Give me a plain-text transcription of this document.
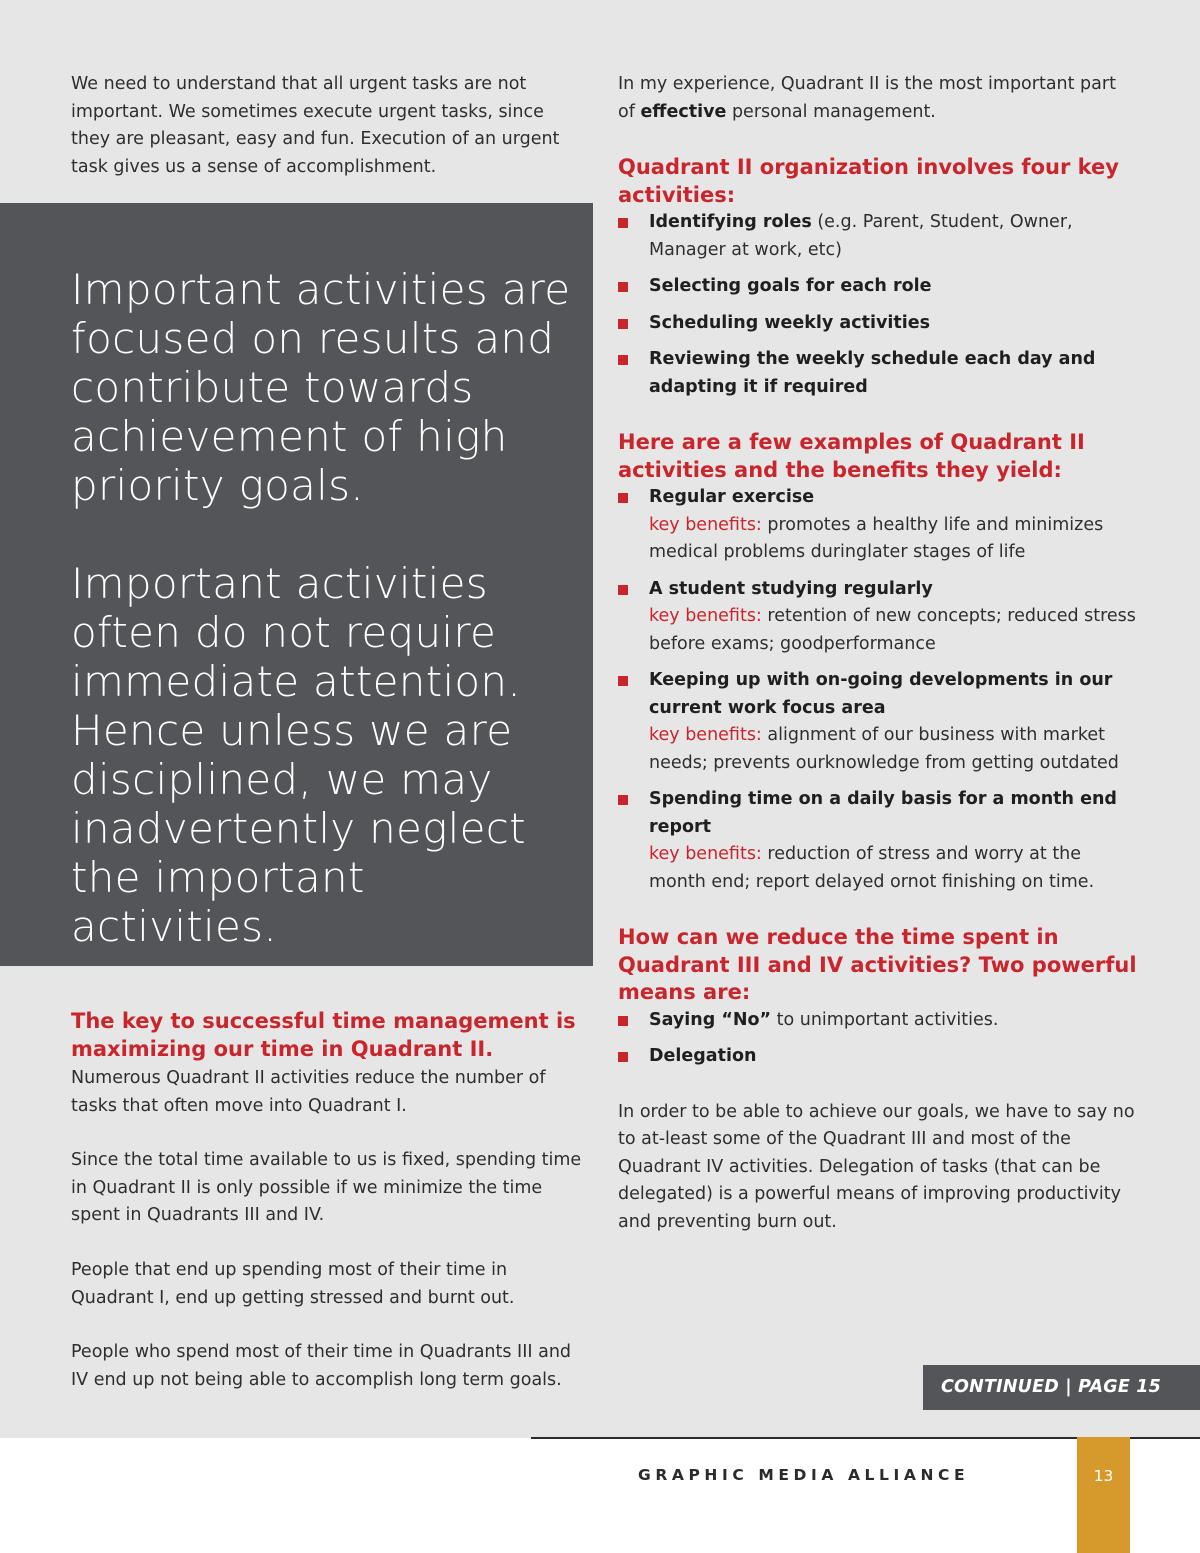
We need to understand that all urgent tasks are not important. We sometimes execute urgent tasks, since they are pleasant, easy and fun. Execution of an urgent task gives us a sense of accomplishment.

Important activities are focused on results and contribute towards achievement of high priority goals.

Important activities often do not require immediate attention. Hence unless we are disciplined, we may inadvertently neglect the important activities.

The key to successful time management is maximizing our time in Quadrant II.

Numerous Quadrant II activities reduce the number of tasks that often move into Quadrant I.

Since the total time available to us is fixed, spending time in Quadrant II is only possible if we minimize the time spent in Quadrants III and IV.

People that end up spending most of their time in Quadrant I, end up getting stressed and burnt out.

People who spend most of their time in Quadrants III and IV end up not being able to accomplish long term goals.

In my experience, Quadrant II is the most important part of effective personal management.

Quadrant II organization involves four key activities:
Identifying roles (e.g. Parent, Student, Owner, Manager at work, etc)
Selecting goals for each role
Scheduling weekly activities
Reviewing the weekly schedule each day and adapting it if required
Here are a few examples of Quadrant II activities and the benefits they yield:
Regular exercise
key benefits: promotes a healthy life and minimizes medical problems duringlater stages of life
A student studying regularly
key benefits: retention of new concepts; reduced stress before exams; goodperformance
Keeping up with on-going developments in our current work focus area
key benefits: alignment of our business with market needs; prevents ourknowledge from getting outdated
Spending time on a daily basis for a month end report
key benefits: reduction of stress and worry at the month end; report delayed ornot finishing on time.
How can we reduce the time spent in Quadrant III and IV activities? Two powerful means are:
Saying “No” to unimportant activities.
Delegation

In order to be able to achieve our goals, we have to say no to at-least some of the Quadrant III and most of the Quadrant IV activities. Delegation of tasks (that can be delegated) is a powerful means of improving productivity and preventing burn out.

CONTINUED | PAGE 15
GRAPHIC MEDIA ALLIANCE	13
